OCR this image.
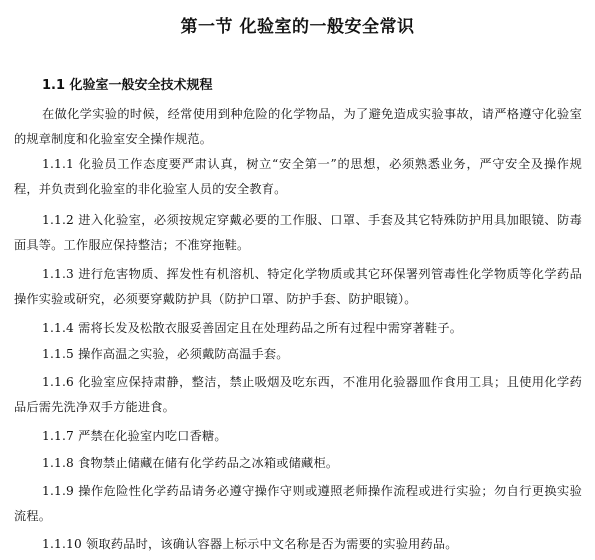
第一节 化验室的一般安全常识
1.1 化验室一般安全技术规程

在做化学实验的时候，经常使用到种危险的化学物品，为了避免造成实验事故，请严格遵守化验室的规章制度和化验室安全操作规范。

1.1.1 化验员工作态度要严肃认真，树立“安全第一”的思想，必须熟悉业务，严守安全及操作规程，并负责到化验室的非化验室人员的安全教育。

1.1.2 进入化验室，必须按规定穿戴必要的工作服、口罩、手套及其它特殊防护用具加眼镜、防毒面具等。工作服应保持整洁；不准穿拖鞋。

1.1.3 进行危害物质、挥发性有机溶机、特定化学物质或其它环保署列管毒性化学物质等化学药品操作实验或研究，必须要穿戴防护具（防护口罩、防护手套、防护眼镜）。

1.1.4 需将长发及松散衣服妥善固定且在处理药品之所有过程中需穿著鞋子。

1.1.5 操作高温之实验，必须戴防高温手套。

1.1.6 化验室应保持肃静，整洁，禁止吸烟及吃东西，不准用化验器皿作食用工具；且使用化学药品后需先洗净双手方能进食。

1.1.7 严禁在化验室内吃口香糖。

1.1.8 食物禁止储藏在储有化学药品之冰箱或储藏柜。

1.1.9 操作危险性化学药品请务必遵守操作守则或遵照老师操作流程或进行实验；勿自行更换实验流程。

1.1.10 领取药品时，该确认容器上标示中文名称是否为需要的实验用药品。
